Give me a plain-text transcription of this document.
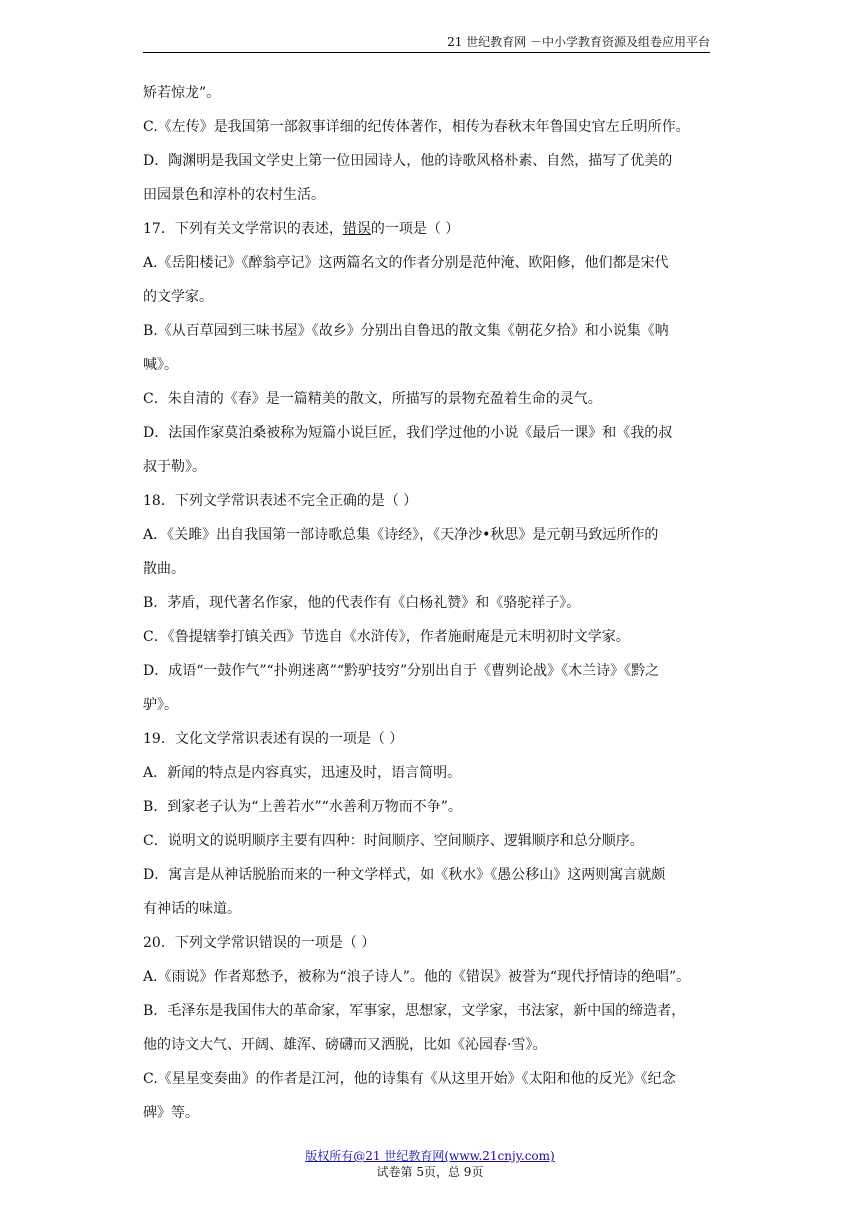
21 世纪教育网 －中小学教育资源及组卷应用平台
矫若惊龙”。
C.《左传》是我国第一部叙事详细的纪传体著作，相传为春秋末年鲁国史官左丘明所作。
D．陶渊明是我国文学史上第一位田园诗人，他的诗歌风格朴素、自然，描写了优美的
田园景色和淳朴的农村生活。
17．下列有关文学常识的表述，错误的一项是（ ）
A.《岳阳楼记》《醉翁亭记》这两篇名文的作者分别是范仲淹、欧阳修，他们都是宋代
的文学家。
B.《从百草园到三味书屋》《故乡》分别出自鲁迅的散文集《朝花夕拾》和小说集《呐
喊》。
C．朱自清的《春》是一篇精美的散文，所描写的景物充盈着生命的灵气。
D．法国作家莫泊桑被称为短篇小说巨匠，我们学过他的小说《最后一课》和《我的叔
叔于勒》。
18．下列文学常识表述不完全正确的是（ ）
A．《关雎》出自我国第一部诗歌总集《诗经》，《天净沙•秋思》是元朝马致远所作的
散曲。
B．茅盾，现代著名作家，他的代表作有《白杨礼赞》和《骆驼祥子》。
C．《鲁提辖拳打镇关西》节选自《水浒传》，作者施耐庵是元末明初时文学家。
D．成语“一鼓作气”“扑朔迷离”“黔驴技穷”分别出自于《曹刿论战》《木兰诗》《黔之
驴》。
19．文化文学常识表述有误的一项是（ ）
A．新闻的特点是内容真实，迅速及时，语言简明。
B．到家老子认为“上善若水”“水善利万物而不争”。
C．说明文的说明顺序主要有四种：时间顺序、空间顺序、逻辑顺序和总分顺序。
D．寓言是从神话脱胎而来的一种文学样式，如《秋水》《愚公移山》这两则寓言就颇
有神话的味道。
20．下列文学常识错误的一项是（ ）
A.《雨说》作者郑愁予，被称为“浪子诗人”。他的《错误》被誉为“现代抒情诗的绝唱”。
B．毛泽东是我国伟大的革命家，军事家，思想家，文学家，书法家，新中国的缔造者，
他的诗文大气、开阔、雄浑、磅礴而又洒脱，比如《沁园春·雪》。
C.《星星变奏曲》的作者是江河，他的诗集有《从这里开始》《太阳和他的反光》《纪念
碑》等。
版权所有@21 世纪教育网(www.21cnjy.com)
试卷第 5页，总 9页
